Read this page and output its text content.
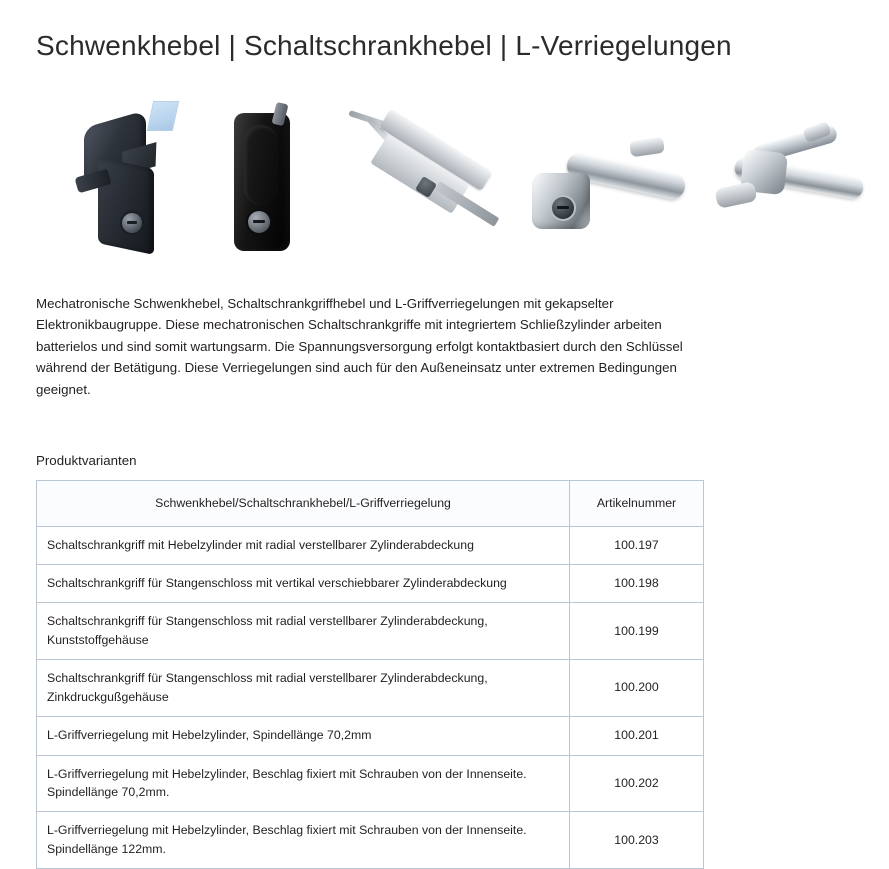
Schwenkhebel | Schaltschrankhebel | L-Verriegelungen

Mechatronische Schwenkhebel, Schaltschrankgriffhebel und L-Griffverriegelungen mit gekapselter Elektronikbaugruppe. Diese mechatronischen Schaltschrankgriffe mit integriertem Schließzylinder arbeiten batterielos und sind somit wartungsarm. Die Spannungsversorgung erfolgt kontaktbasiert durch den Schlüssel während der Betätigung. Diese Verriegelungen sind auch für den Außeneinsatz unter extremen Bedingungen geeignet.

Produktvarianten
Schwenkhebel/Schaltschrankhebel/L-Griffverriegelung	Artikelnummer
Schaltschrankgriff mit Hebelzylinder mit radial verstellbarer Zylinderabdeckung	100.197
Schaltschrankgriff für Stangenschloss mit vertikal verschiebbarer Zylinderabdeckung	100.198
Schaltschrankgriff für Stangenschloss mit radial verstellbarer Zylinderabdeckung, Kunststoffgehäuse	100.199
Schaltschrankgriff für Stangenschloss mit radial verstellbarer Zylinderabdeckung, Zinkdruckgußgehäuse	100.200
L-Griffverriegelung mit Hebelzylinder, Spindellänge 70,2mm	100.201
L-Griffverriegelung mit Hebelzylinder, Beschlag fixiert mit Schrauben von der Innenseite. Spindellänge 70,2mm.	100.202
L-Griffverriegelung mit Hebelzylinder, Beschlag fixiert mit Schrauben von der Innenseite. Spindellänge 122mm.	100.203
